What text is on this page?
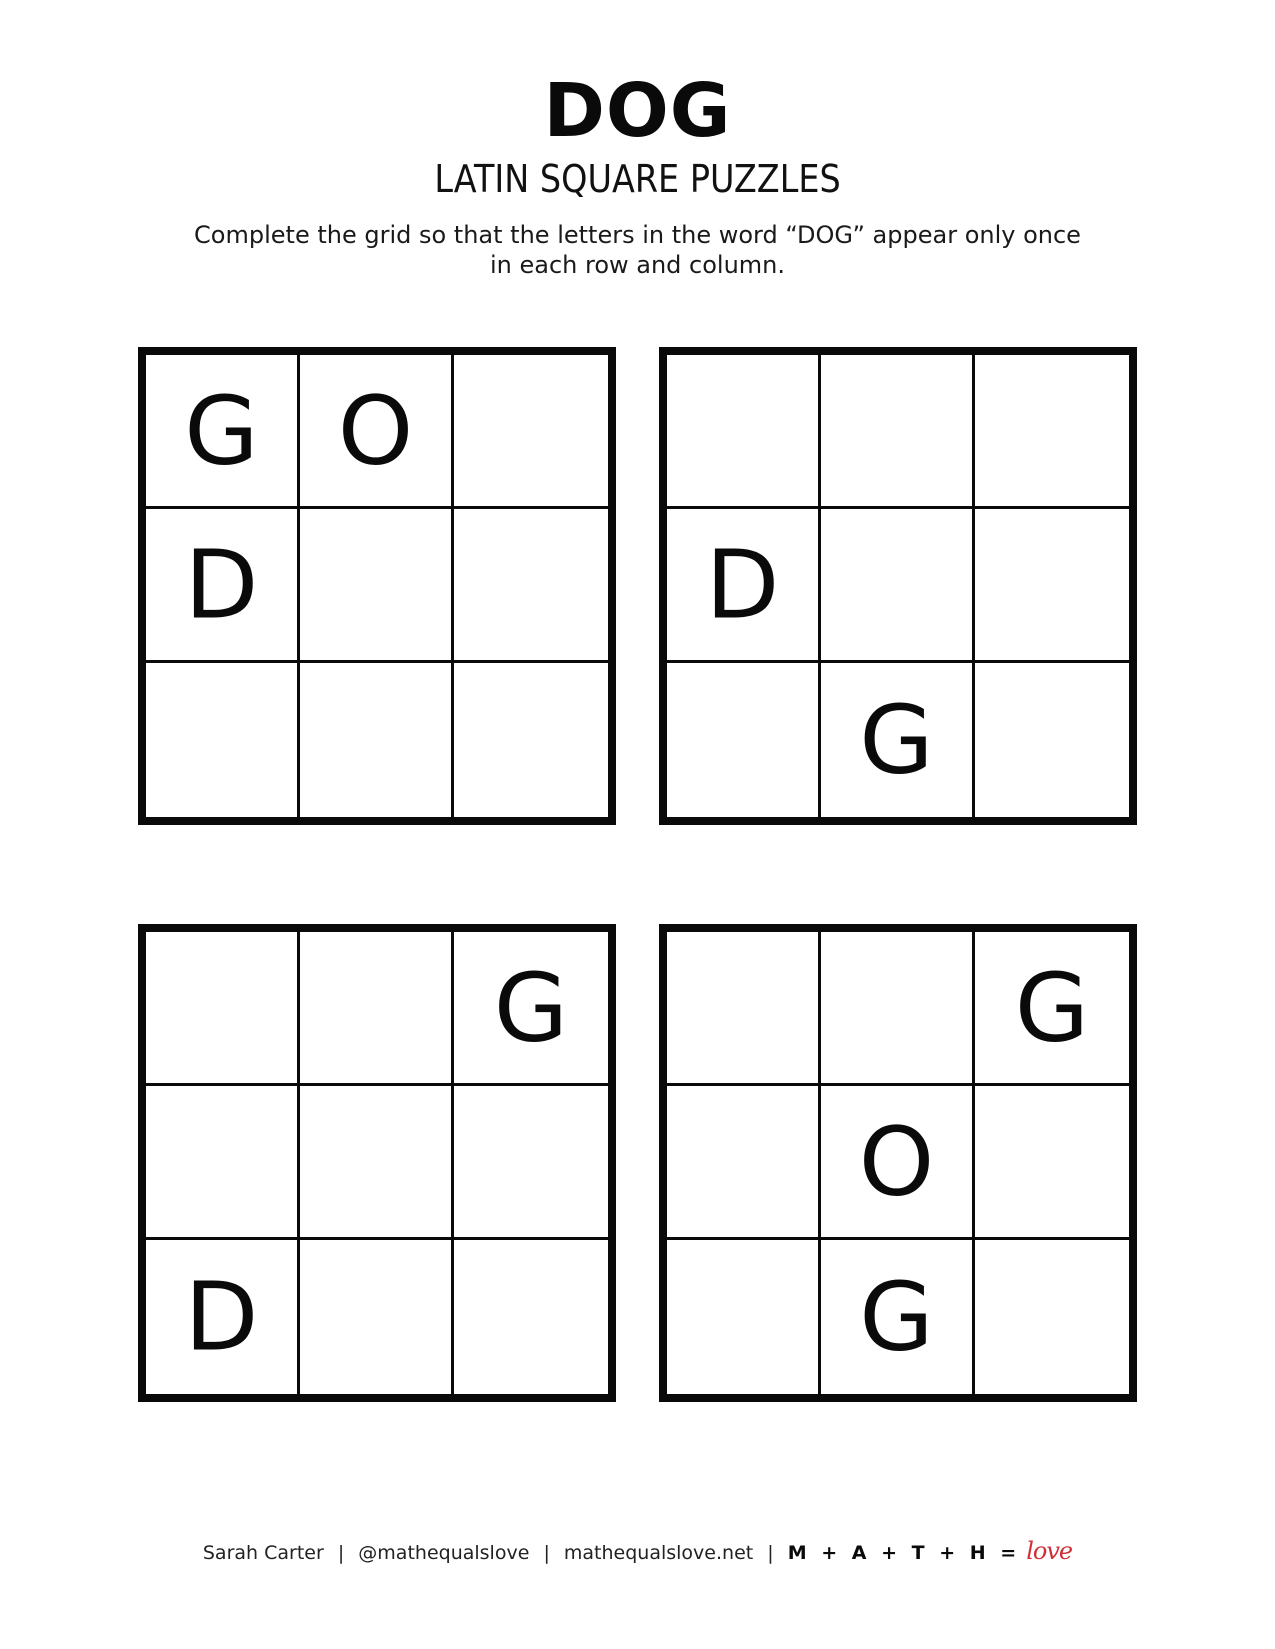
DOG
LATIN SQUARE PUZZLES
Complete the grid so that the letters in the word “DOG” appear only once
in each row and column.
G O
D	D
G
G
D
G
O
G
Sarah Carter | @mathequalslove | mathequalslove.net | M + A + T + H = love
